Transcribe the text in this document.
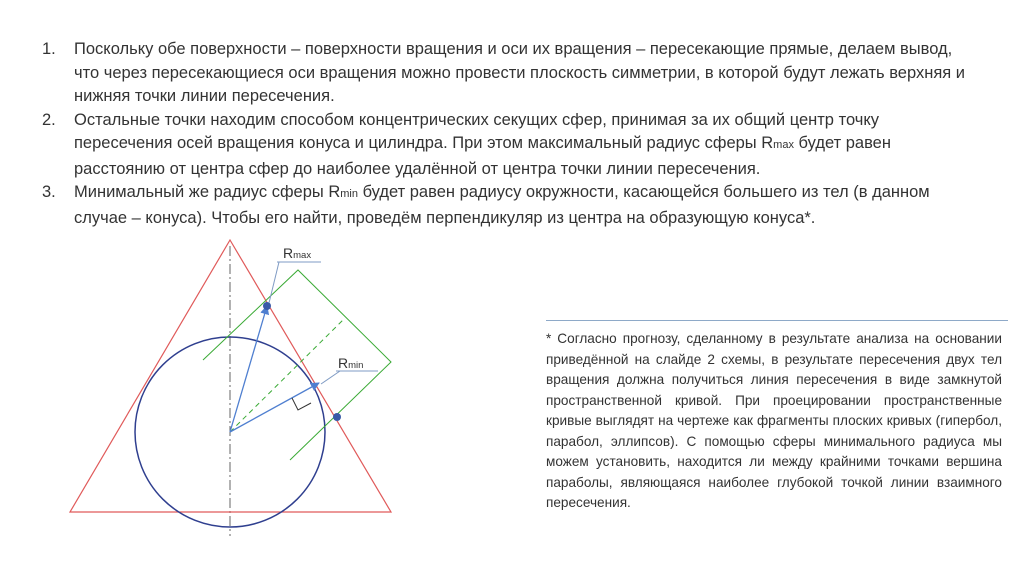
1. Поскольку обе поверхности – поверхности вращения и оси их вращения – пересекающие прямые, делаем вывод, что через пересекающиеся оси вращения можно провести плоскость симметрии, в которой будут лежать верхняя и нижняя точки линии пересечения.
2. Остальные точки находим способом концентрических секущих сфер, принимая за их общий центр точку пересечения осей вращения конуса и цилиндра. При этом максимальный радиус сферы Rmax будет равен расстоянию от центра сфер до наиболее удалённой от центра точки линии пересечения.
3. Минимальный же радиус сферы Rmin будет равен радиусу окружности, касающейся большего из тел (в данном случае – конуса). Чтобы его найти, проведём перпендикуляр из центра на образующую конуса*.
Rmax
Rmin

* Согласно прогнозу, сделанному в результате анализа на основании приведённой на слайде 2 схемы, в результате пересечения двух тел вращения должна получиться линия пересечения в виде замкнутой пространственной кривой. При проецировании пространственные кривые выглядят на чертеже как фрагменты плоских кривых (гипербол, парабол, эллипсов). С помощью сферы минимального радиуса мы можем установить, находится ли между крайними точками вершина параболы, являющаяся наиболее глубокой точкой линии взаимного пересечения.
